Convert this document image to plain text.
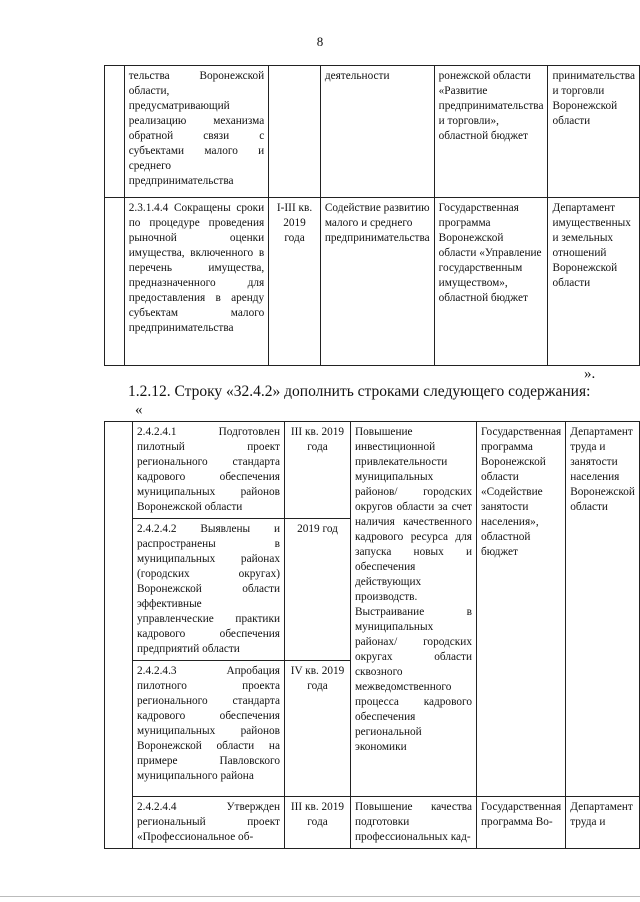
8
	тельства Воронежской области, предусматривающий реализацию механизма обратной связи с субъектами малого и среднего предпринимательства		деятельности	ронежской области «Развитие предпринимательства и торговли», областной бюджет	принимательства и торговли Воронежской области
	2.3.1.4.4 Сокращены сроки по процедуре проведения рыночной оценки имущества, включенного в перечень имущества, предназначенного для предоставления в аренду субъектам малого предпринимательства	I-III кв. 2019 года	Содействие развитию малого и среднего предпринимательства	Государственная программа Воронежской области «Управление государственным имуществом», областной бюджет	Департамент имущественных и земельных отношений Воронежской области
».
1.2.12. Строку «32.4.2» дополнить строками следующего содержания:
«
	2.4.2.4.1 Подготовлен пилотный проект регионального стандарта кадрового обеспечения муниципальных районов Воронежской области	III кв. 2019 года	Повышение инвестиционной привлекательности муниципальных районов/ городских округов области за счет наличия качественного кадрового ресурса для запуска новых и обеспечения действующих производств. Выстраивание в муниципальных районах/ городских округах области сквозного межведомственного процесса кадрового обеспечения региональной экономики	Государственная программа Воронежской области «Содействие занятости населения», областной бюджет	Департамент труда и занятости населения Воронежской области
	2.4.2.4.2 Выявлены и распространены в муниципальных районах (городских округах) Воронежской области эффективные управленческие практики кадрового обеспечения предприятий области	2019 год			
	2.4.2.4.3 Апробация пилотного проекта регионального стандарта кадрового обеспечения муниципальных районов Воронежской области на примере Павловского муниципального района	IV кв. 2019 года			
	2.4.2.4.4 Утвержден региональный проект «Профессиональное об-	III кв. 2019 года	Повышение качества подготовки профессиональных кад-	Государственная программа Во-	Департамент труда и
